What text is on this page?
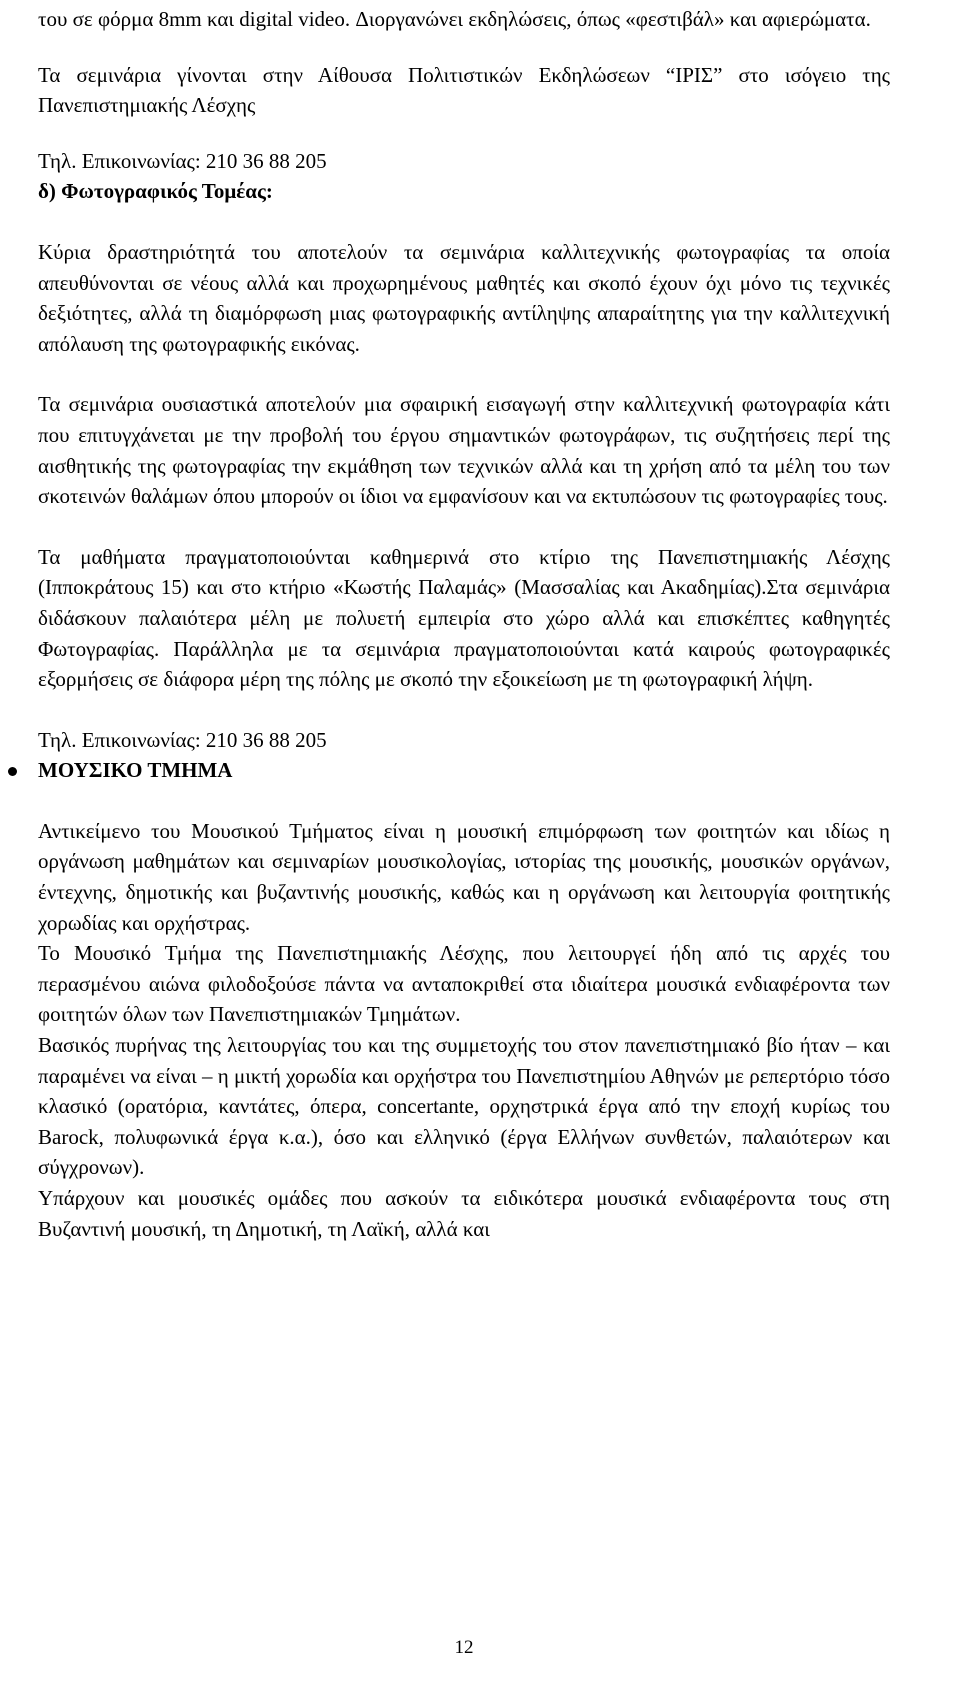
του σε φόρμα 8mm και digital video. Διοργανώνει εκδηλώσεις, όπως «φεστιβάλ» και αφιερώματα.

Τα σεμινάρια γίνονται στην Αίθουσα Πολιτιστικών Εκδηλώσεων “ΙΡΙΣ” στο ισόγειο της Πανεπιστημιακής Λέσχης

Τηλ. Επικοινωνίας: 210 36 88 205

δ) Φωτογραφικός Τομέας:

Κύρια δραστηριότητά του αποτελούν τα σεμινάρια καλλιτεχνικής φωτογραφίας τα οποία απευθύνονται σε νέους αλλά και προχωρημένους μαθητές και σκοπό έχουν όχι μόνο τις τεχνικές δεξιότητες, αλλά τη διαμόρφωση μιας φωτογραφικής αντίληψης απαραίτητης για την καλλιτεχνική απόλαυση της φωτογραφικής εικόνας.

Τα σεμινάρια ουσιαστικά αποτελούν μια σφαιρική εισαγωγή στην καλλιτεχνική φωτογραφία κάτι που επιτυγχάνεται με την προβολή του έργου σημαντικών φωτογράφων, τις συζητήσεις περί της αισθητικής της φωτογραφίας την εκμάθηση των τεχνικών αλλά και τη χρήση από τα μέλη του των σκοτεινών θαλάμων όπου μπορούν οι ίδιοι να εμφανίσουν και να εκτυπώσουν τις φωτογραφίες τους.

Τα μαθήματα πραγματοποιούνται καθημερινά στο κτίριο της Πανεπιστημιακής Λέσχης (Ιπποκράτους 15) και στο κτήριο «Κωστής Παλαμάς» (Μασσαλίας και Ακαδημίας).Στα σεμινάρια διδάσκουν παλαιότερα μέλη με πολυετή εμπειρία στο χώρο αλλά και επισκέπτες καθηγητές Φωτογραφίας. Παράλληλα με τα σεμινάρια πραγματοποιούνται κατά καιρούς φωτογραφικές εξορμήσεις σε διάφορα μέρη της πόλης με σκοπό την εξοικείωση με τη φωτογραφική λήψη.

Τηλ. Επικοινωνίας: 210 36 88 205

ΜΟΥΣΙΚΟ ΤΜΗΜΑ

Αντικείμενο του Μουσικού Τμήματος είναι η μουσική επιμόρφωση των φοιτητών και ιδίως η οργάνωση μαθημάτων και σεμιναρίων μουσικολογίας, ιστορίας της μουσικής, μουσικών οργάνων, έντεχνης, δημοτικής και βυζαντινής μουσικής, καθώς και η οργάνωση και λειτουργία φοιτητικής χορωδίας και ορχήστρας.

Το Μουσικό Τμήμα της Πανεπιστημιακής Λέσχης, που λειτουργεί ήδη από τις αρχές του περασμένου αιώνα φιλοδοξούσε πάντα να ανταποκριθεί στα ιδιαίτερα μουσικά ενδιαφέροντα των φοιτητών όλων των Πανεπιστημιακών Τμημάτων.

Βασικός πυρήνας της λειτουργίας του και της συμμετοχής του στον πανεπιστημιακό βίο ήταν – και παραμένει να είναι – η μικτή χορωδία και ορχήστρα του Πανεπιστημίου Αθηνών με ρεπερτόριο τόσο κλασικό (ορατόρια, καντάτες, όπερα, concertante, ορχηστρικά έργα από την εποχή κυρίως του Barock, πολυφωνικά έργα κ.α.), όσο και ελληνικό (έργα Ελλήνων συνθετών, παλαιότερων και σύγχρονων).

Υπάρχουν και μουσικές ομάδες που ασκούν τα ειδικότερα μουσικά ενδιαφέροντα τους στη Βυζαντινή μουσική, τη Δημοτική, τη Λαϊκή, αλλά και

12
